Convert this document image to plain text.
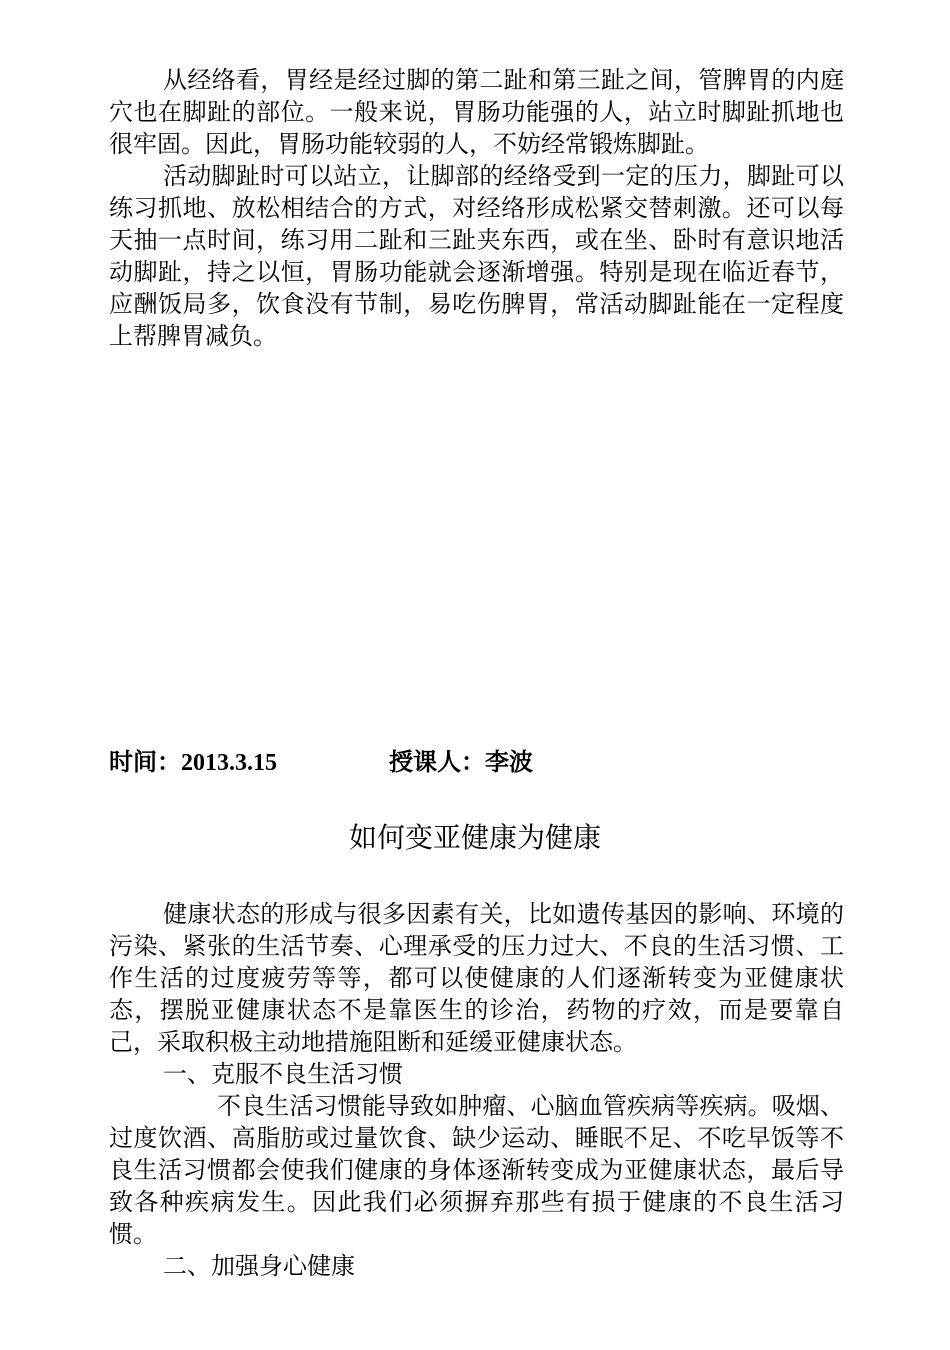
从经络看，胃经是经过脚的第二趾和第三趾之间，管脾胃的内庭穴也在脚趾的部位。一般来说，胃肠功能强的人，站立时脚趾抓地也很牢固。因此，胃肠功能较弱的人，不妨经常锻炼脚趾。

活动脚趾时可以站立，让脚部的经络受到一定的压力，脚趾可以练习抓地、放松相结合的方式，对经络形成松紧交替刺激。还可以每天抽一点时间，练习用二趾和三趾夹东西，或在坐、卧时有意识地活动脚趾，持之以恒，胃肠功能就会逐渐增强。特别是现在临近春节，应酬饭局多，饮食没有节制，易吃伤脾胃，常活动脚趾能在一定程度上帮脾胃减负。

时间：2013.3.15	授课人：李波
如何变亚健康为健康

健康状态的形成与很多因素有关，比如遗传基因的影响、环境的污染、紧张的生活节奏、心理承受的压力过大、不良的生活习惯、工作生活的过度疲劳等等，都可以使健康的人们逐渐转变为亚健康状态，摆脱亚健康状态不是靠医生的诊治，药物的疗效，而是要靠自己，采取积极主动地措施阻断和延缓亚健康状态。

一、克服不良生活习惯

不良生活习惯能导致如肿瘤、心脑血管疾病等疾病。吸烟、过度饮酒、高脂肪或过量饮食、缺少运动、睡眠不足、不吃早饭等不良生活习惯都会使我们健康的身体逐渐转变成为亚健康状态，最后导致各种疾病发生。因此我们必须摒弃那些有损于健康的不良生活习惯。

二、加强身心健康
